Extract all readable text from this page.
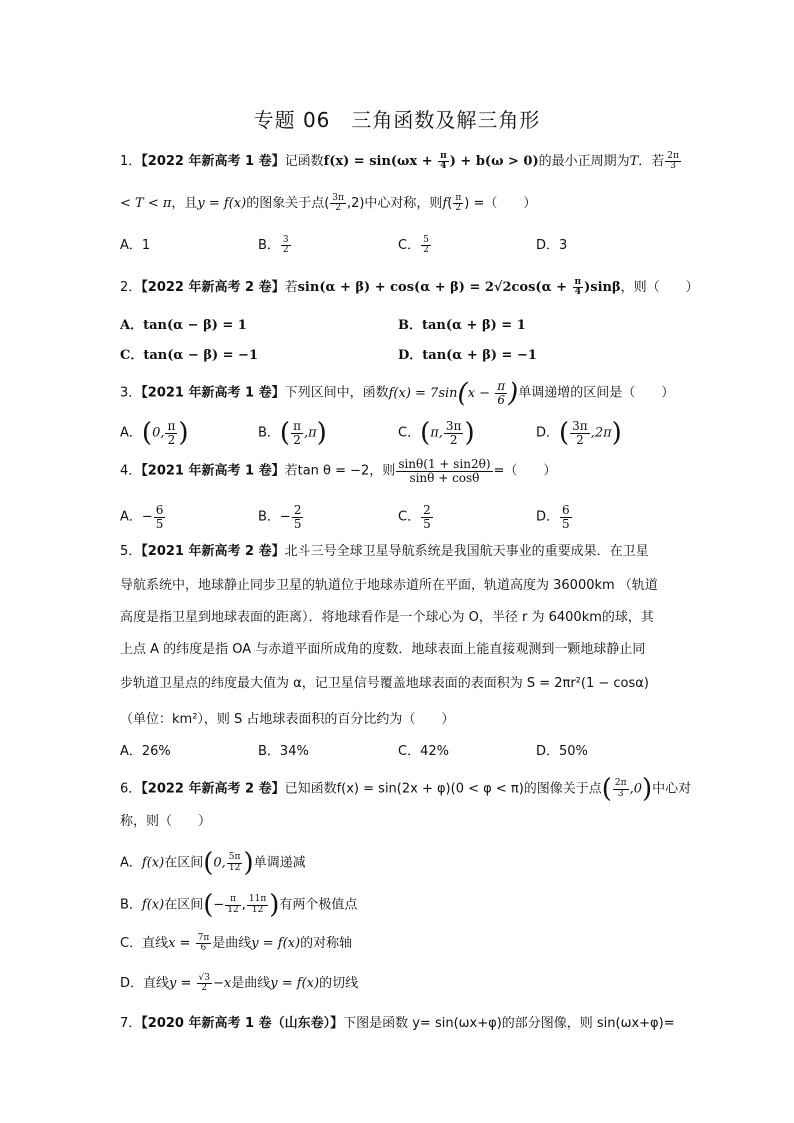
专题 06　三角函数及解三角形
1．【2022 年新高考 1 卷】记函数$f(x) = \sin(\omega x + \frac{\pi}{4}$ ) + b(ω > 0)的最小正周期为T．若 $\frac{2\pi}{3}$
< T < π，且y = f(x)的图象关于点( $\frac{3\pi}{2} ,2$)中心对称，则$f( \frac{\pi}{2}$ ) =（　　）
A．1	B． $\frac{3}{2}$	C． $\frac{5}{2}$	D．3
2．【2022 年新高考 2 卷】若$\sin(\alpha + \beta) + \cos(\alpha + \beta) = 2√2\cos(\alpha + \frac{\pi}{4} )\sin\beta$，则（　　）
A．tan(α − β) = 1	B．tan(α + β) = 1
C．tan(α − β) = −1	D．tan(α + β) = −1
3．【2021 年新高考 1 卷】下列区间中，函数$f(x) = 7\sin(x - \frac{\pi}{6}$ )单调递增的区间是（　　）
A．(0, $\frac{\pi}{2}$ )	B．( $\frac{\pi}{2} ,\pi$)	C．(π, $\frac{3\pi}{2}$ )	D．( $\frac{3\pi}{2} ,2\pi$)
4．【2021 年新高考 1 卷】若tan θ = −2，则 $\frac{\sin\theta(1 + \sin 2\theta)}{\sin\theta + \cos\theta}$ =（　　）
A．− $\frac{6}{5}$	B．− $\frac{2}{5}$	C． $\frac{2}{5}$	D． $\frac{6}{5}$
5．【2021 年新高考 2 卷】北斗三号全球卫星导航系统是我国航天事业的重要成果．在卫星
导航系统中，地球静止同步卫星的轨道位于地球赤道所在平面，轨道高度为 36000km （轨道
高度是指卫星到地球表面的距离）．将地球看作是一个球心为 O，半径 r 为 6400km的球，其
上点 A 的纬度是指 OA 与赤道平面所成角的度数．地球表面上能直接观测到一颗地球静止同
步轨道卫星点的纬度最大值为 α，记卫星信号覆盖地球表面的表面积为 S = 2πr²(1 − cosα)
（单位：km²），则 S 占地球表面积的百分比约为（　　）
A．26%	B．34%	C．42%	D．50%
6．【2022 年新高考 2 卷】已知函数f(x) = sin(2x + φ)(0 < φ < π)的图像关于点( $\frac{2\pi}{3} ,0$)中心对
称，则（　　）
A．f(x)在区间(0, $\frac{5\pi}{12}$ )单调递减
B．f(x)在区间(− $\frac{\pi}{12}$ , $\frac{11\pi}{12}$ )有两个极值点
C．直线$x = \frac{7\pi}{6}$ 是曲线y = f(x)的对称轴
D．直线$y = \frac{√3}{2} -x$是曲线y = f(x)的切线
7．【2020 年新高考 1 卷（山东卷）】下图是函数 y= sin(ωx+φ)的部分图像，则 sin(ωx+φ)=
